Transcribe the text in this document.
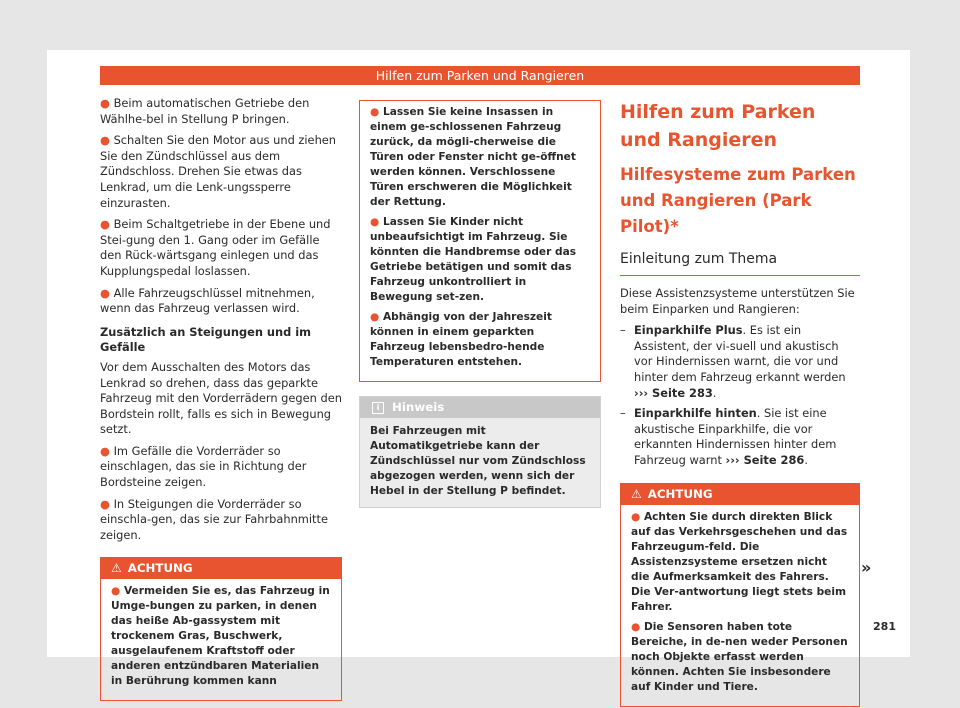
Hilfen zum Parken und Rangieren

● Beim automatischen Getriebe den Wählhe-bel in Stellung P bringen.

● Schalten Sie den Motor aus und ziehen Sie den Zündschlüssel aus dem Zündschloss. Drehen Sie etwas das Lenkrad, um die Lenk-ungssperre einzurasten.

● Beim Schaltgetriebe in der Ebene und Stei-gung den 1. Gang oder im Gefälle den Rück-wärtsgang einlegen und das Kupplungspedal loslassen.

● Alle Fahrzeugschlüssel mitnehmen, wenn das Fahrzeug verlassen wird.

Zusätzlich an Steigungen und im Gefälle

Vor dem Ausschalten des Motors das Lenkrad so drehen, dass das geparkte Fahrzeug mit den Vorderrädern gegen den Bordstein rollt, falls es sich in Bewegung setzt.

● Im Gefälle die Vorderräder so einschlagen, das sie in Richtung der Bordsteine zeigen.

● In Steigungen die Vorderräder so einschla-gen, das sie zur Fahrbahnmitte zeigen.

⚠ ACHTUNG

● Vermeiden Sie es, das Fahrzeug in Umge-bungen zu parken, in denen das heiße Ab-gassystem mit trockenem Gras, Buschwerk, ausgelaufenem Kraftstoff oder anderen entzündbaren Materialien in Berührung kommen kann

● Lassen Sie keine Insassen in einem ge-schlossenen Fahrzeug zurück, da mögli-cherweise die Türen oder Fenster nicht ge-öffnet werden können. Verschlossene Türen erschweren die Möglichkeit der Rettung.

● Lassen Sie Kinder nicht unbeaufsichtigt im Fahrzeug. Sie könnten die Handbremse oder das Getriebe betätigen und somit das Fahrzeug unkontrolliert in Bewegung set-zen.

● Abhängig von der Jahreszeit können in einem geparkten Fahrzeug lebensbedro-hende Temperaturen entstehen.

i Hinweis
Bei Fahrzeugen mit Automatikgetriebe kann der Zündschlüssel nur vom Zündschloss abgezogen werden, wenn sich der Hebel in der Stellung P befindet.
Hilfen zum Parken und Rangieren
Hilfesysteme zum Parken und Rangieren (Park Pilot)*
Einleitung zum Thema

Diese Assistenzsysteme unterstützen Sie beim Einparken und Rangieren:

– Einparkhilfe Plus. Es ist ein Assistent, der vi-suell und akustisch vor Hindernissen warnt, die vor und hinter dem Fahrzeug erkannt werden ››› Seite 283.
– Einparkhilfe hinten. Sie ist eine akustische Einparkhilfe, die vor erkannten Hindernissen hinter dem Fahrzeug warnt ››› Seite 286.
⚠ ACHTUNG

● Achten Sie durch direkten Blick auf das Verkehrsgeschehen und das Fahrzeugum-feld. Die Assistenzsysteme ersetzen nicht die Aufmerksamkeit des Fahrers. Die Ver-antwortung liegt stets beim Fahrer.

● Die Sensoren haben tote Bereiche, in de-nen weder Personen noch Objekte erfasst werden können. Achten Sie insbesondere auf Kinder und Tiere.

»
281
